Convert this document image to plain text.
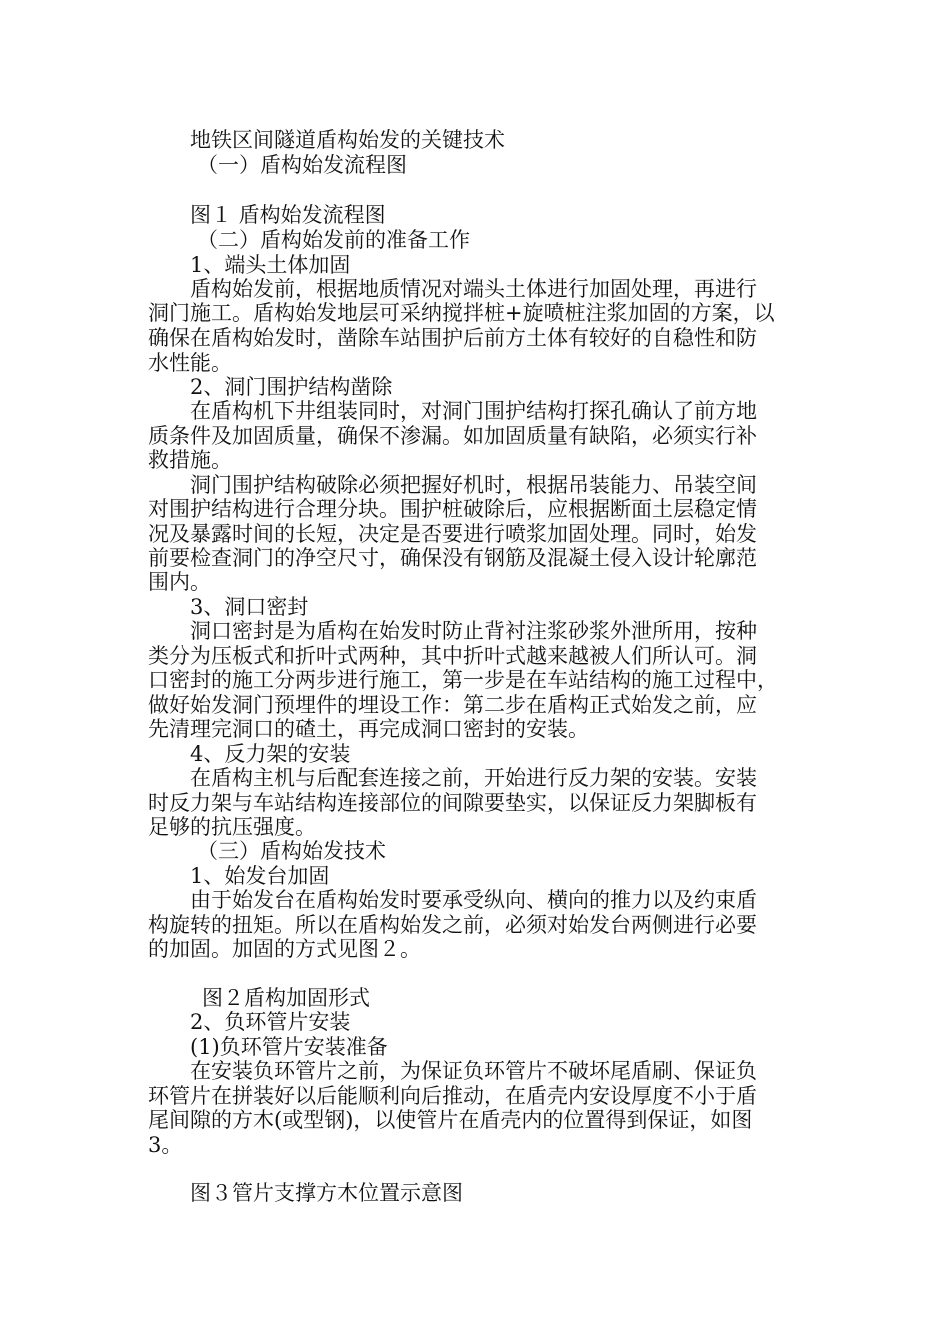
地铁区间隧道盾构始发的关键技术
（一）盾构始发流程图
图１ 盾构始发流程图
（二）盾构始发前的准备工作
1、端头土体加固
盾构始发前，根据地质情况对端头土体进行加固处理，再进行
洞门施工。盾构始发地层可采纳搅拌桩+旋喷桩注浆加固的方案，以
确保在盾构始发时，凿除车站围护后前方土体有较好的自稳性和防
水性能。
2、洞门围护结构凿除
在盾构机下井组装同时，对洞门围护结构打探孔确认了前方地
质条件及加固质量，确保不渗漏。如加固质量有缺陷，必须实行补
救措施。
洞门围护结构破除必须把握好机时，根据吊装能力、吊装空间
对围护结构进行合理分块。围护桩破除后，应根据断面土层稳定情
况及暴露时间的长短，决定是否要进行喷浆加固处理。同时，始发
前要检查洞门的净空尺寸，确保没有钢筋及混凝土侵入设计轮廓范
围内。
3、洞口密封
洞口密封是为盾构在始发时防止背衬注浆砂浆外泄所用，按种
类分为压板式和折叶式两种，其中折叶式越来越被人们所认可。洞
口密封的施工分两步进行施工，第一步是在车站结构的施工过程中，
做好始发洞门预埋件的埋设工作：第二步在盾构正式始发之前，应
先清理完洞口的碴土，再完成洞口密封的安装。
4、反力架的安装
在盾构主机与后配套连接之前，开始进行反力架的安装。安装
时反力架与车站结构连接部位的间隙要垫实，以保证反力架脚板有
足够的抗压强度。
（三）盾构始发技术
1、始发台加固
由于始发台在盾构始发时要承受纵向、横向的推力以及约束盾
构旋转的扭矩。所以在盾构始发之前，必须对始发台两侧进行必要
的加固。加固的方式见图２。
图２盾构加固形式
2、负环管片安装
(1)负环管片安装准备
在安装负环管片之前，为保证负环管片不破坏尾盾刷、保证负
环管片在拼装好以后能顺利向后推动，在盾壳内安设厚度不小于盾
尾间隙的方木(或型钢)，以使管片在盾壳内的位置得到保证，如图
3。
图３管片支撑方木位置示意图
